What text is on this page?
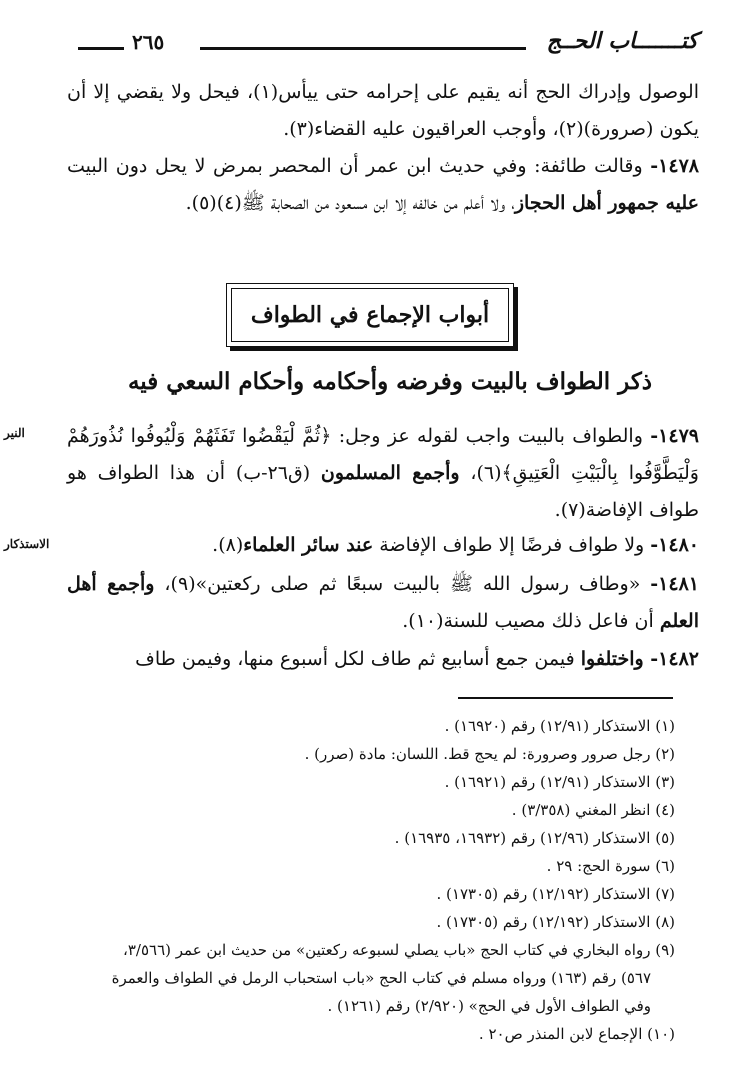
كتـــــــاب الحــج
٢٦٥
الوصول وإدراك الحج أنه يقيم على إحرامه حتى ييأس(١)، فيحل ولا يقضي إلا أن يكون (صرورة)(٢)، وأوجب العراقيون عليه القضاء(٣).
١٤٧٨- وقالت طائفة: وفي حديث ابن عمر أن المحصر بمرض لا يحل دون البيت عليه جمهور أهل الحجاز، ولا أعلم من خالفه إلا ابن مسعود من الصحابة ﷺ(٤)(٥).
أبواب الإجماع في الطواف
ذكر الطواف بالبيت وفرضه وأحكامه وأحكام السعي فيه
النير	١٤٧٩- والطواف بالبيت واجب لقوله عز وجل: ﴿ثُمَّ لْيَقْضُوا تَفَثَهُمْ وَلْيُوفُوا نُذُورَهُمْ وَلْيَطَّوَّفُوا بِالْبَيْتِ الْعَتِيقِ﴾(٦)، وأجمع المسلمون (ق٢٦-ب) أن هذا الطواف هو طواف الإفاضة(٧).
الاستذكار	١٤٨٠- ولا طواف فرضًا إلا طواف الإفاضة عند سائر العلماء(٨).
١٤٨١- «وطاف رسول الله ﷺ بالبيت سبعًا ثم صلى ركعتين»(٩)، وأجمع أهل العلم أن فاعل ذلك مصيب للسنة(١٠).
١٤٨٢- واختلفوا فيمن جمع أسابيع ثم طاف لكل أسبوع منها، وفيمن طاف
(١) الاستذكار (١٢/٩١) رقم (١٦٩٢٠) .
(٢) رجل صرور وصرورة: لم يحج قط. اللسان: مادة (صرر) .
(٣) الاستذكار (١٢/٩١) رقم (١٦٩٢١) .
(٤) انظر المغني (٣/٣٥٨) .
(٥) الاستذكار (١٢/٩٦) رقم (١٦٩٣٢، ١٦٩٣٥) .
(٦) سورة الحج: ٢٩ .
(٧) الاستذكار (١٢/١٩٢) رقم (١٧٣٠٥) .
(٨) الاستذكار (١٢/١٩٢) رقم (١٧٣٠٥) .
(٩) رواه البخاري في كتاب الحج «باب يصلي لسبوعه ركعتين» من حديث ابن عمر (٣/٥٦٦،
٥٦٧) رقم (١٦٣) ورواه مسلم في كتاب الحج «باب استحباب الرمل في الطواف والعمرة
وفي الطواف الأول في الحج» (٢/٩٢٠) رقم (١٢٦١) .
(١٠) الإجماع لابن المنذر ص٢٠ .
